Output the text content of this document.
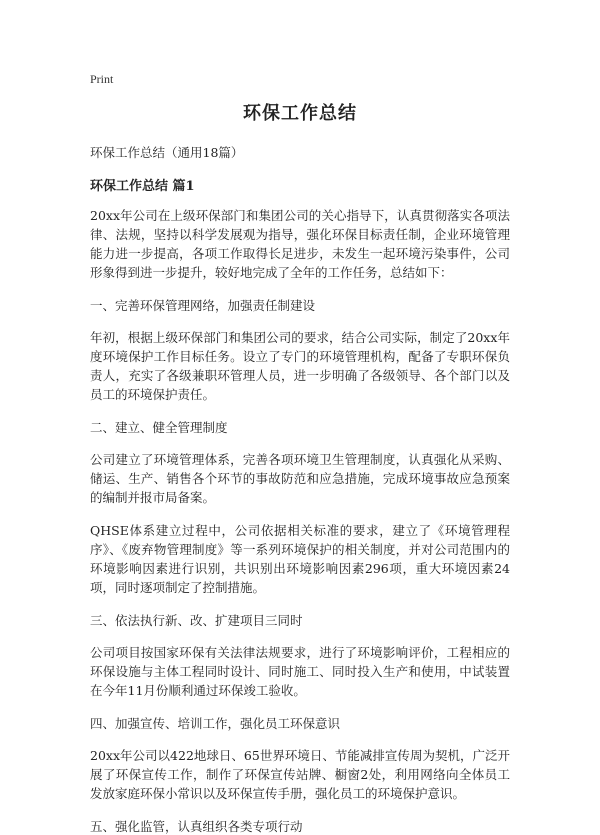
Print
环保工作总结
环保工作总结（通用18篇）
环保工作总结 篇1
20xx年公司在上级环保部门和集团公司的关心指导下，认真贯彻落实各项法律、法规，坚持以科学发展观为指导，强化环保目标责任制，企业环境管理能力进一步提高，各项工作取得长足进步，未发生一起环境污染事件，公司形象得到进一步提升，较好地完成了全年的工作任务，总结如下：
一、完善环保管理网络，加强责任制建设
年初，根据上级环保部门和集团公司的要求，结合公司实际，制定了20xx年度环境保护工作目标任务。设立了专门的环境管理机构，配备了专职环保负责人，充实了各级兼职环管理人员，进一步明确了各级领导、各个部门以及员工的环境保护责任。
二、建立、健全管理制度
公司建立了环境管理体系，完善各项环境卫生管理制度，认真强化从采购、储运、生产、销售各个环节的事故防范和应急措施，完成环境事故应急预案的编制并报市局备案。
QHSE体系建立过程中，公司依据相关标准的要求，建立了《环境管理程序》、《废弃物管理制度》等一系列环境保护的相关制度，并对公司范围内的环境影响因素进行识别，共识别出环境影响因素296项，重大环境因素24项，同时逐项制定了控制措施。
三、依法执行新、改、扩建项目三同时
公司项目按国家环保有关法律法规要求，进行了环境影响评价，工程相应的环保设施与主体工程同时设计、同时施工、同时投入生产和使用，中试装置在今年11月份顺利通过环保竣工验收。
四、加强宣传、培训工作，强化员工环保意识
20xx年公司以422地球日、65世界环境日、节能减排宣传周为契机，广泛开展了环保宣传工作，制作了环保宣传站牌、橱窗2处，利用网络向全体员工发放家庭环保小常识以及环保宣传手册，强化员工的环境保护意识。
五、强化监管，认真组织各类专项行动
